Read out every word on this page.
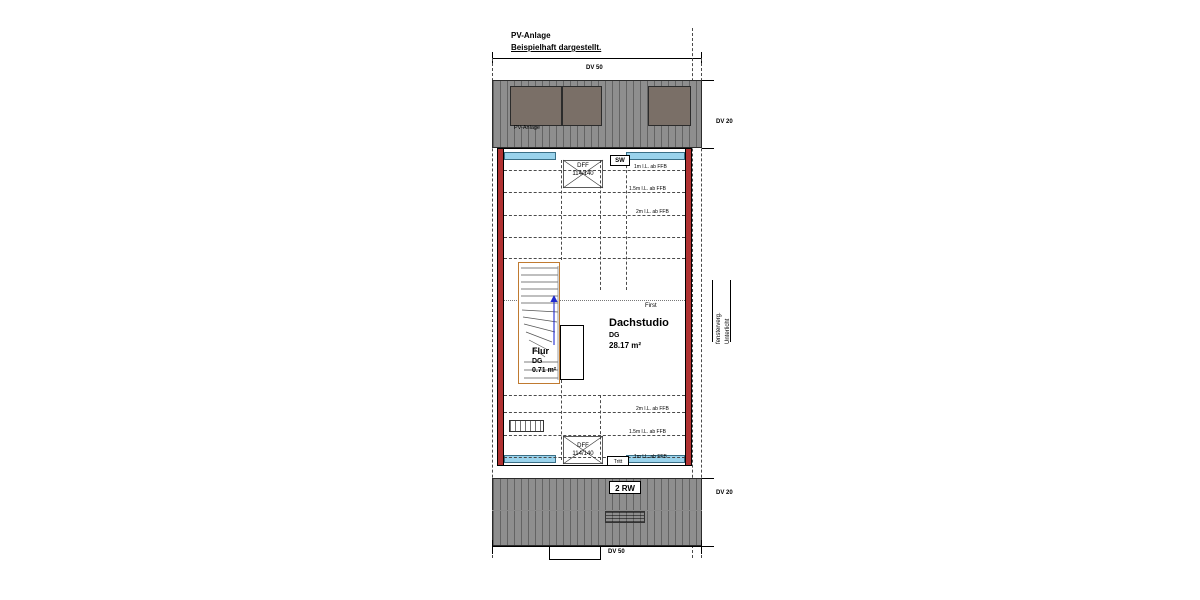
PV-Anlage
Beispielhaft dargestellt.
DV 50
PV-Anlage
DV 20
1m l.L. ab FFB
1.5m l.L. ab FFB
2m l.L. ab FFB
2m l.L. ab FFB
1.5m l.L. ab FFB
1m l.L. ab FFB
First
DFF
114/140
SW
DFF
114/140
Tritt
Flur
DG
0.71 m²
Dachstudio
DG
28.17 m²
fensterverg. Unterlicht
2 RW	DV 20
DV 50
